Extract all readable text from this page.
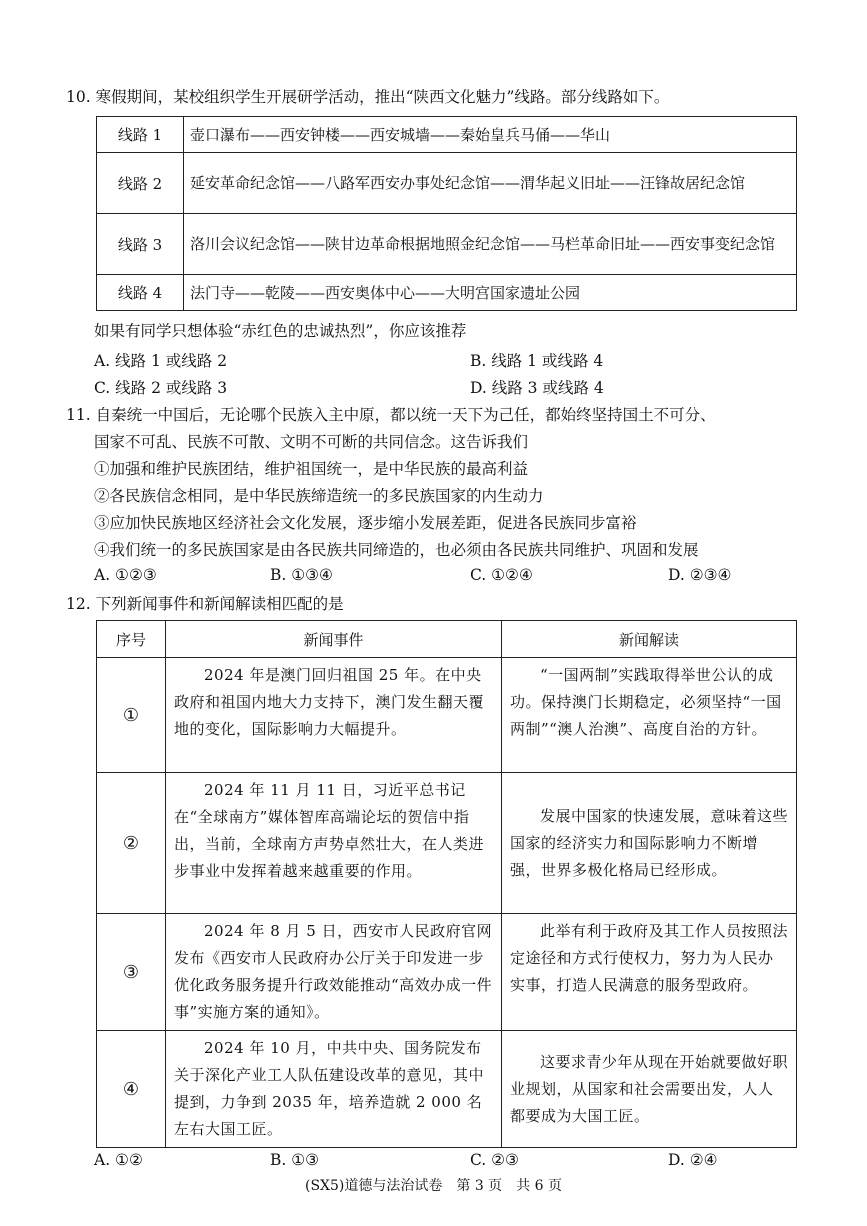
10. 寒假期间，某校组织学生开展研学活动，推出“陕西文化魅力”线路。部分线路如下。
线路 1	壶口瀑布——西安钟楼——西安城墙——秦始皇兵马俑——华山
线路 2	延安革命纪念馆——八路军西安办事处纪念馆——渭华起义旧址——汪锋故居纪念馆
线路 3	洛川会议纪念馆——陕甘边革命根据地照金纪念馆——马栏革命旧址——西安事变纪念馆
线路 4	法门寺——乾陵——西安奥体中心——大明宫国家遗址公园
如果有同学只想体验“赤红色的忠诚热烈”，你应该推荐
A. 线路 1 或线路 2	B. 线路 1 或线路 4
C. 线路 2 或线路 3	D. 线路 3 或线路 4
11. 自秦统一中国后，无论哪个民族入主中原，都以统一天下为己任，都始终坚持国土不可分、
国家不可乱、民族不可散、文明不可断的共同信念。这告诉我们
①加强和维护民族团结，维护祖国统一，是中华民族的最高利益
②各民族信念相同，是中华民族缔造统一的多民族国家的内生动力
③应加快民族地区经济社会文化发展，逐步缩小发展差距，促进各民族同步富裕
④我们统一的多民族国家是由各民族共同缔造的，也必须由各民族共同维护、巩固和发展
A. ①②③	B. ①③④	C. ①②④	D. ②③④
12. 下列新闻事件和新闻解读相匹配的是
序号	新闻事件	新闻解读
①	2024 年是澳门回归祖国 25 年。在中央政府和祖国内地大力支持下，澳门发生翻天覆地的变化，国际影响力大幅提升。	“一国两制”实践取得举世公认的成功。保持澳门长期稳定，必须坚持“一国两制”“澳人治澳”、高度自治的方针。

②	2024 年 11 月 11 日，习近平总书记在“全球南方”媒体智库高端论坛的贺信中指出，当前，全球南方声势卓然壮大，在人类进步事业中发挥着越来越重要的作用。	发展中国家的快速发展，意味着这些国家的经济实力和国际影响力不断增强，世界多极化格局已经形成。

③	2024 年 8 月 5 日，西安市人民政府官网发布《西安市人民政府办公厅关于印发进一步优化政务服务提升行政效能推动“高效办成一件事”实施方案的通知》。	此举有利于政府及其工作人员按照法定途径和方式行使权力，努力为人民办实事，打造人民满意的服务型政府。

④	2024 年 10 月，中共中央、国务院发布关于深化产业工人队伍建设改革的意见，其中提到，力争到 2035 年，培养造就 2 000 名左右大国工匠。	这要求青少年从现在开始就要做好职业规划，从国家和社会需要出发，人人都要成为大国工匠。

A. ①②	B. ①③	C. ②③	D. ②④
(SX5)道德与法治试卷　第 3 页　共 6 页
